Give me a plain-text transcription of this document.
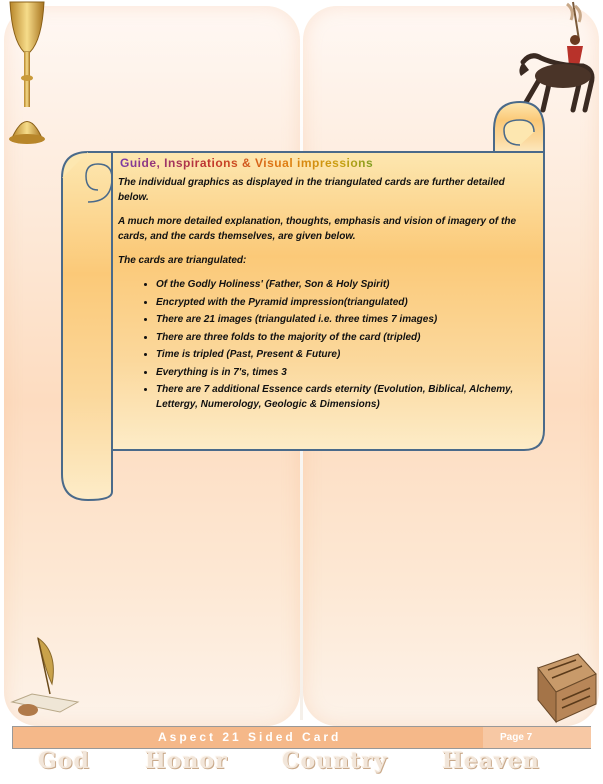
Guide, Inspirations & Visual impressions

The individual graphics as displayed in the triangulated cards are further detailed below.

A much more detailed explanation, thoughts, emphasis and vision of imagery of the cards, and the cards themselves, are given below.

The cards are triangulated:

• Of the Godly Holiness' (Father, Son & Holy Spirit)
• Encrypted with the Pyramid impression(triangulated)
• There are 21 images (triangulated i.e. three times 7 images)
• There are three folds to the majority of the card (tripled)
• Time is tripled (Past, Present & Future)
• Everything is in 7's, times 3
• There are 7 additional Essence cards eternity (Evolution, Biblical, Alchemy, Lettergy, Numerology, Geologic & Dimensions)
Aspect 21 Sided Card	Page 7
God	Honor Country Heaven
